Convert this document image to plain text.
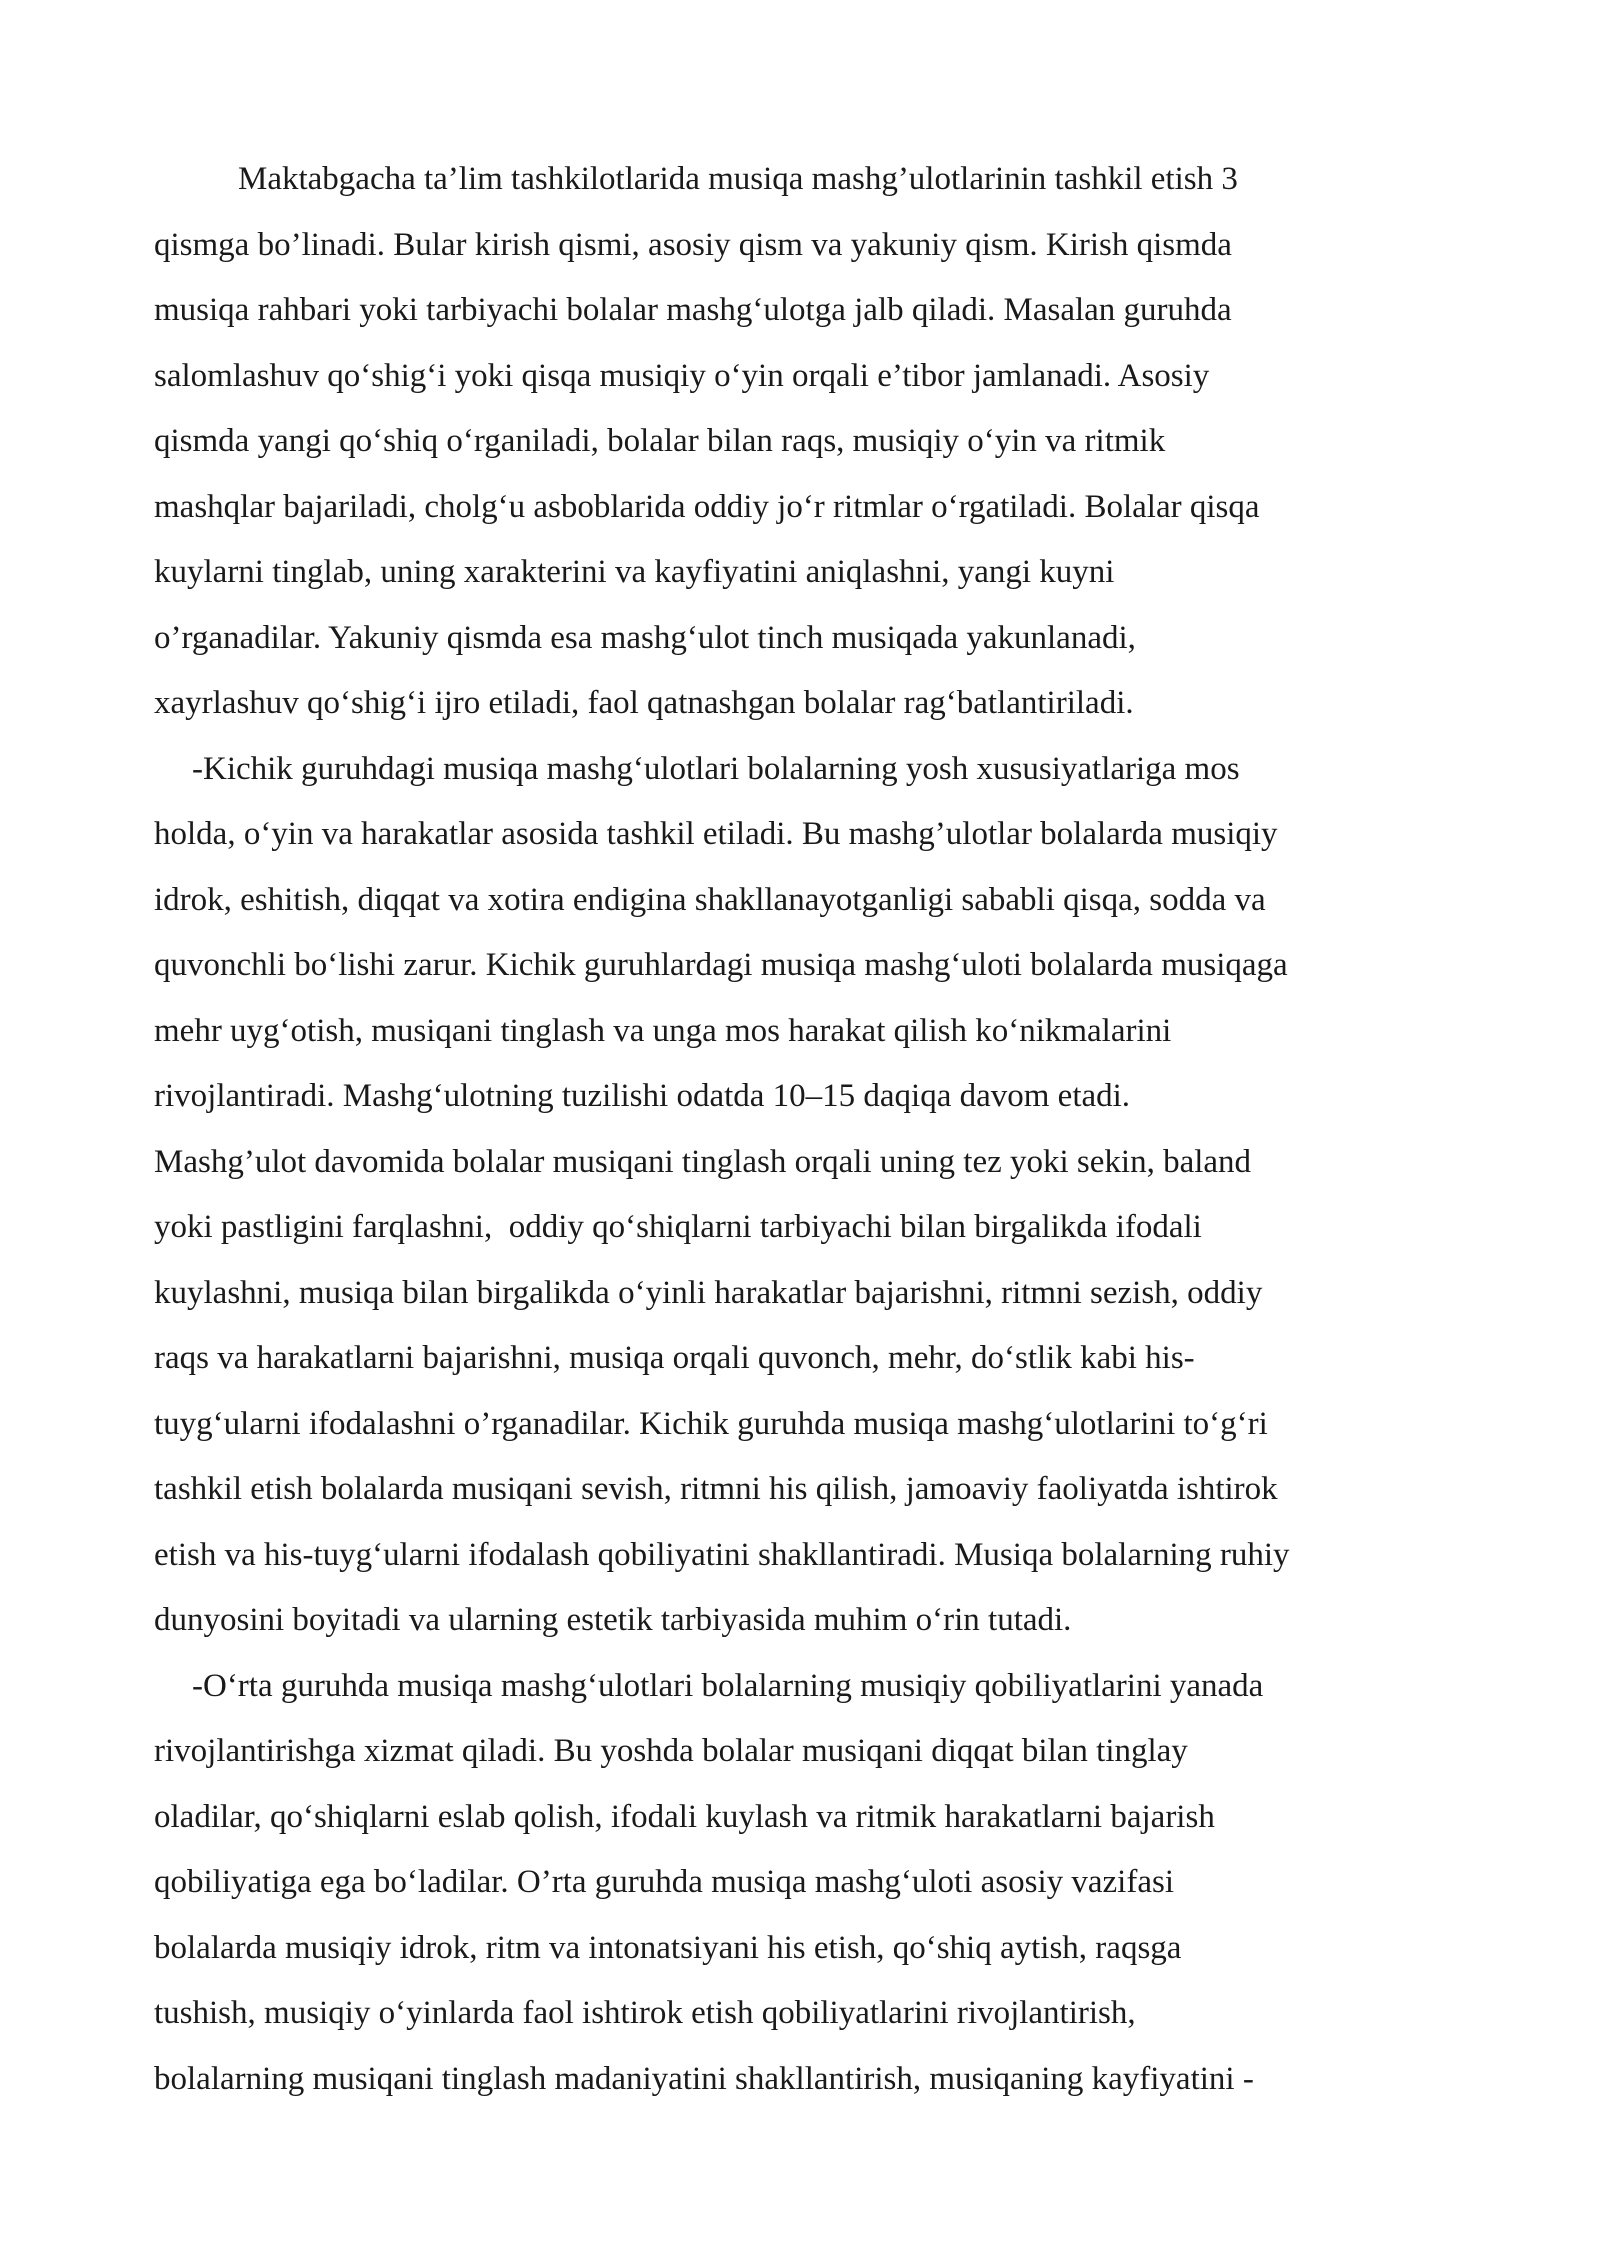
Maktabgacha ta’lim tashkilotlarida musiqa mashg’ulotlarinin tashkil etish 3
qismga bo’linadi. Bular kirish qismi, asosiy qism va yakuniy qism. Kirish qismda
musiqa rahbari yoki tarbiyachi bolalar mashg‘ulotga jalb qiladi. Masalan guruhda
salomlashuv qo‘shig‘i yoki qisqa musiqiy o‘yin orqali e’tibor jamlanadi. Asosiy
qismda yangi qo‘shiq o‘rganiladi, bolalar bilan raqs, musiqiy o‘yin va ritmik
mashqlar bajariladi, cholg‘u asboblarida oddiy jo‘r ritmlar o‘rgatiladi. Bolalar qisqa
kuylarni tinglab, uning xarakterini va kayfiyatini aniqlashni, yangi kuyni
o’rganadilar. Yakuniy qismda esa mashg‘ulot tinch musiqada yakunlanadi,
xayrlashuv qo‘shig‘i ijro etiladi, faol qatnashgan bolalar rag‘batlantiriladi.
-Kichik guruhdagi musiqa mashg‘ulotlari bolalarning yosh xususiyatlariga mos
holda, o‘yin va harakatlar asosida tashkil etiladi. Bu mashg’ulotlar bolalarda musiqiy
idrok, eshitish, diqqat va xotira endigina shakllanayotganligi sababli qisqa, sodda va
quvonchli bo‘lishi zarur. Kichik guruhlardagi musiqa mashg‘uloti bolalarda musiqaga
mehr uyg‘otish, musiqani tinglash va unga mos harakat qilish ko‘nikmalarini
rivojlantiradi. Mashg‘ulotning tuzilishi odatda 10–15 daqiqa davom etadi.
Mashg’ulot davomida bolalar musiqani tinglash orqali uning tez yoki sekin, baland
yoki pastligini farqlashni,  oddiy qo‘shiqlarni tarbiyachi bilan birgalikda ifodali
kuylashni, musiqa bilan birgalikda o‘yinli harakatlar bajarishni, ritmni sezish, oddiy
raqs va harakatlarni bajarishni, musiqa orqali quvonch, mehr, do‘stlik kabi his-
tuyg‘ularni ifodalashni o’rganadilar. Kichik guruhda musiqa mashg‘ulotlarini to‘g‘ri
tashkil etish bolalarda musiqani sevish, ritmni his qilish, jamoaviy faoliyatda ishtirok
etish va his-tuyg‘ularni ifodalash qobiliyatini shakllantiradi. Musiqa bolalarning ruhiy
dunyosini boyitadi va ularning estetik tarbiyasida muhim o‘rin tutadi.
-O‘rta guruhda musiqa mashg‘ulotlari bolalarning musiqiy qobiliyatlarini yanada
rivojlantirishga xizmat qiladi. Bu yoshda bolalar musiqani diqqat bilan tinglay
oladilar, qo‘shiqlarni eslab qolish, ifodali kuylash va ritmik harakatlarni bajarish
qobiliyatiga ega bo‘ladilar. O’rta guruhda musiqa mashg‘uloti asosiy vazifasi
bolalarda musiqiy idrok, ritm va intonatsiyani his etish, qo‘shiq aytish, raqsga
tushish, musiqiy o‘yinlarda faol ishtirok etish qobiliyatlarini rivojlantirish,
bolalarning musiqani tinglash madaniyatini shakllantirish, musiqaning kayfiyatini -
